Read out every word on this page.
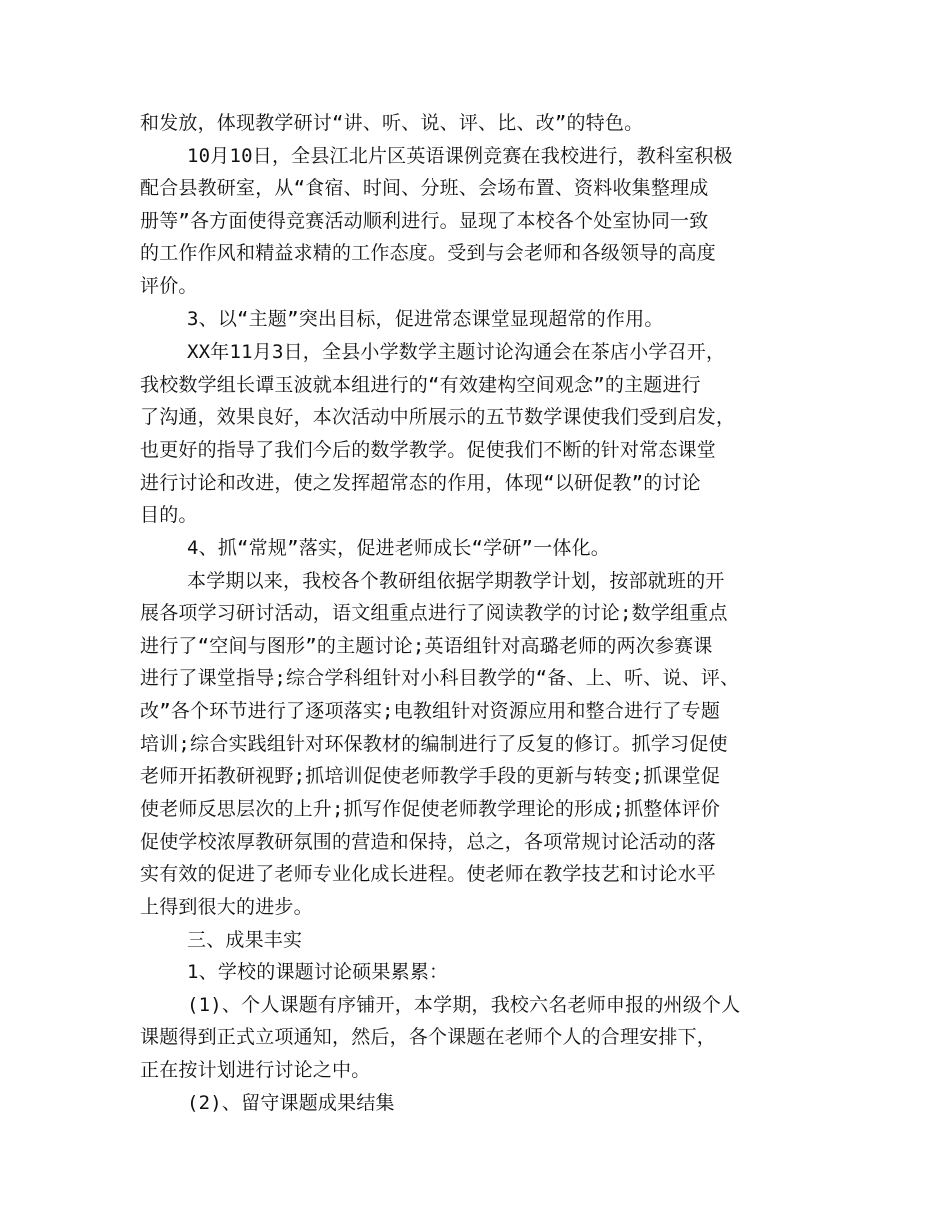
和发放，体现教学研讨“讲、听、说、评、比、改”的特色。
10月10日，全县江北片区英语课例竞赛在我校进行，教科室积极
配合县教研室，从“食宿、时间、分班、会场布置、资料收集整理成
册等”各方面使得竞赛活动顺利进行。显现了本校各个处室协同一致
的工作作风和精益求精的工作态度。受到与会老师和各级领导的高度
评价。
3、以“主题”突出目标，促进常态课堂显现超常的作用。
XX年11月3日，全县小学数学主题讨论沟通会在茶店小学召开，
我校数学组长谭玉波就本组进行的“有效建构空间观念”的主题进行
了沟通，效果良好，本次活动中所展示的五节数学课使我们受到启发，
也更好的指导了我们今后的数学教学。促使我们不断的针对常态课堂
进行讨论和改进，使之发挥超常态的作用，体现“以研促教”的讨论
目的。
4、抓“常规”落实，促进老师成长“学研”一体化。
本学期以来，我校各个教研组依据学期教学计划，按部就班的开
展各项学习研讨活动，语文组重点进行了阅读教学的讨论;数学组重点
进行了“空间与图形”的主题讨论;英语组针对高璐老师的两次参赛课
进行了课堂指导;综合学科组针对小科目教学的“备、上、听、说、评、
改”各个环节进行了逐项落实;电教组针对资源应用和整合进行了专题
培训;综合实践组针对环保教材的编制进行了反复的修订。抓学习促使
老师开拓教研视野;抓培训促使老师教学手段的更新与转变;抓课堂促
使老师反思层次的上升;抓写作促使老师教学理论的形成;抓整体评价
促使学校浓厚教研氛围的营造和保持，总之，各项常规讨论活动的落
实有效的促进了老师专业化成长进程。使老师在教学技艺和讨论水平
上得到很大的进步。
三、成果丰实
1、学校的课题讨论硕果累累：
(1)、个人课题有序铺开，本学期，我校六名老师申报的州级个人
课题得到正式立项通知，然后，各个课题在老师个人的合理安排下，
正在按计划进行讨论之中。
(2)、留守课题成果结集
